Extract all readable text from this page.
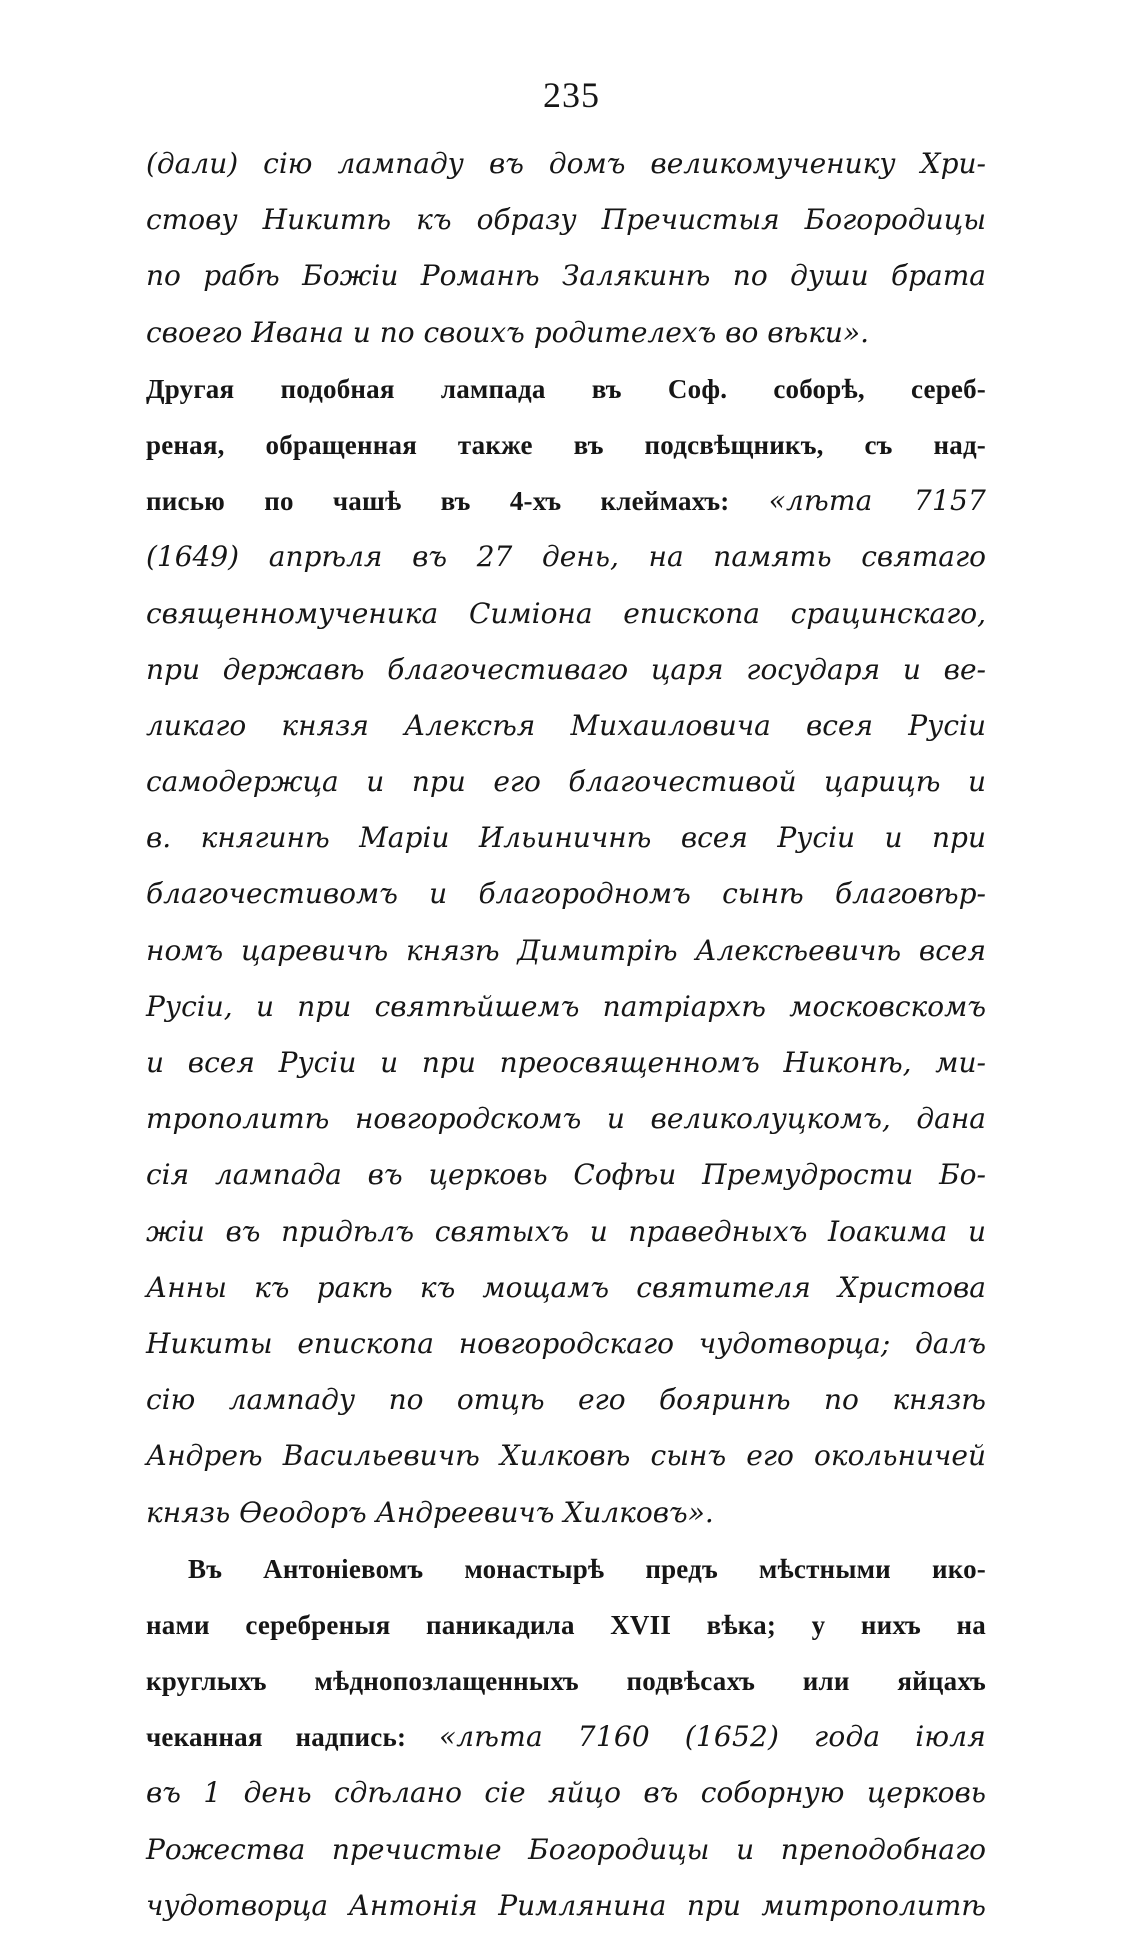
235
(дали) сію лампаду въ домъ великомученику Хри-
стову Никитѣ къ образу Пречистыя Богородицы
по рабѣ Божіи Романѣ Залякинѣ по души брата
своего Ивана и по своихъ родителехъ во вѣки».
Другая подобная лампада въ Соф. соборѣ, сереб-
реная, обращенная также въ подсвѣщникъ, съ над-
писью по чашѣ въ 4-хъ клеймахъ: «лѣта 7157
(1649) апрѣля въ 27 день, на память святаго
священномученика Симіона епископа срацинскаго,
при державѣ благочестиваго царя государя и ве-
ликаго князя Алексѣя Михаиловича всея Русіи
самодержца и при его благочестивой царицѣ и
в. княгинѣ Маріи Ильиничнѣ всея Русіи и при
благочестивомъ и благородномъ сынѣ благовѣр-
номъ царевичѣ князѣ Димитріѣ Алексѣевичѣ всея
Русіи, и при святѣйшемъ патріархѣ московскомъ
и всея Русіи и при преосвященномъ Никонѣ, ми-
трополитѣ новгородскомъ и великолуцкомъ, дана
сія лампада въ церковь Софѣи Премудрости Бо-
жіи въ придѣлъ святыхъ и праведныхъ Іоакима и
Анны къ ракѣ къ мощамъ святителя Христова
Никиты епископа новгородскаго чудотворца; далъ
сію лампаду по отцѣ его бояринѣ по князѣ
Андреѣ Васильевичѣ Хилковѣ сынъ его окольничей
князь Ѳеодоръ Андреевичъ Хилковъ».
Въ Антоніевомъ монастырѣ предъ мѣстными ико-
нами серебреныя паникадила XVII вѣка; у нихъ на
круглыхъ мѣднопозлащенныхъ подвѣсахъ или яйцахъ
чеканная надпись: «лѣта 7160 (1652) года іюля
въ 1 день сдѣлано сіе яйцо въ соборную церковь
Рожества пречистые Богородицы и преподобнаго
чудотворца Антонія Римлянина при митрополитѣ
